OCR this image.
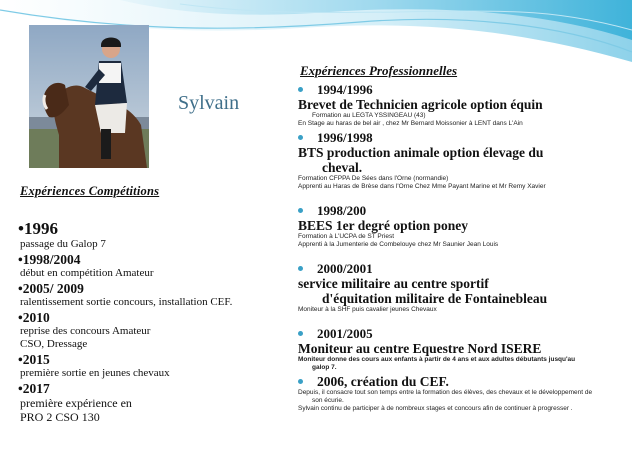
Sylvain
Expériences Compétitions
• 1996
passage du Galop 7
• 1998/2004
début en compétition Amateur
• 2005/ 2009
ralentissement sortie concours, installation CEF.
• 2010
reprise des concours Amateur
CSO, Dressage
• 2015
première sortie en jeunes chevaux
• 2017
première expérience en
PRO 2 CSO 130
Expériences Professionnelles
1994/1996
Brevet de Technicien agricole option équin
Formation au LEGTA YSSINGEAU (43)
En Stage au haras de bel air , chez Mr Bernard Moissonier à LENT dans L'Ain
1996/1998
BTS production animale option élevage du
cheval.
Formation CFPPA De Sées dans l'Orne (normandie)
Apprenti au Haras de Brèse dans l'Orne Chez Mme Payant Marine et Mr Remy Xavier
1998/200
BEES 1er degré option poney
Formation à L'UCPA de ST Priest
Apprenti à la Jumenterie de Combelouye chez Mr Saunier Jean Louis
2000/2001
service militaire au centre sportif
d'équitation militaire de Fontainebleau
Moniteur à la SHF puis cavalier jeunes Chevaux
2001/2005
Moniteur au centre Equestre Nord ISERE
Moniteur donne des cours aux enfants à partir de 4 ans et aux adultes débutants jusqu'au
galop 7.
2006, création du CEF.
Depuis, il consacre tout son temps entre la formation des élèves, des chevaux et le développement de
son écurie.
Sylvain continu de participer à de nombreux stages et concours afin de continuer à progresser .
